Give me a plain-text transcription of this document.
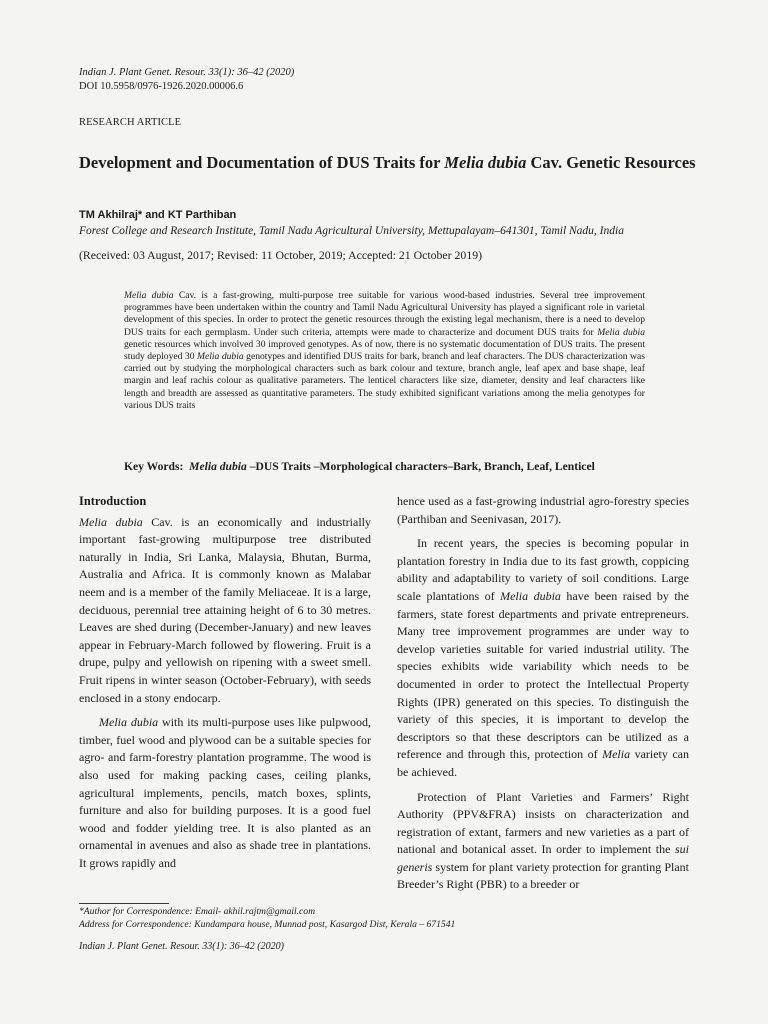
Indian J. Plant Genet. Resour. 33(1): 36–42 (2020)
DOI 10.5958/0976-1926.2020.00006.6
RESEARCH ARTICLE
Development and Documentation of DUS Traits for Melia dubia Cav. Genetic Resources
TM Akhilraj* and KT Parthiban
Forest College and Research Institute, Tamil Nadu Agricultural University, Mettupalayam–641301, Tamil Nadu, India
(Received: 03 August, 2017; Revised: 11 October, 2019; Accepted: 21 October 2019)
Melia dubia Cav. is a fast-growing, multi-purpose tree suitable for various wood-based industries. Several tree improvement programmes have been undertaken within the country and Tamil Nadu Agricultural University has played a significant role in varietal development of this species. In order to protect the genetic resources through the existing legal mechanism, there is a need to develop DUS traits for each germplasm. Under such criteria, attempts were made to characterize and document DUS traits for Melia dubia genetic resources which involved 30 improved genotypes. As of now, there is no systematic documentation of DUS traits. The present study deployed 30 Melia dubia genotypes and identified DUS traits for bark, branch and leaf characters. The DUS characterization was carried out by studying the morphological characters such as bark colour and texture, branch angle, leaf apex and base shape, leaf margin and leaf rachis colour as qualitative parameters. The lenticel characters like size, diameter, density and leaf characters like length and breadth are assessed as quantitative parameters. The study exhibited significant variations among the melia genotypes for various DUS traits
Key Words: Melia dubia –DUS Traits –Morphological characters–Bark, Branch, Leaf, Lenticel

Introduction

Melia dubia Cav. is an economically and industrially important fast-growing multipurpose tree distributed naturally in India, Sri Lanka, Malaysia, Bhutan, Burma, Australia and Africa. It is commonly known as Malabar neem and is a member of the family Meliaceae. It is a large, deciduous, perennial tree attaining height of 6 to 30 metres. Leaves are shed during (December-January) and new leaves appear in February-March followed by flowering. Fruit is a drupe, pulpy and yellowish on ripening with a sweet smell. Fruit ripens in winter season (October-February), with seeds enclosed in a stony endocarp.

Melia dubia with its multi-purpose uses like pulpwood, timber, fuel wood and plywood can be a suitable species for agro- and farm-forestry plantation programme. The wood is also used for making packing cases, ceiling planks, agricultural implements, pencils, match boxes, splints, furniture and also for building purposes. It is a good fuel wood and fodder yielding tree. It is also planted as an ornamental in avenues and also as shade tree in plantations. It grows rapidly and

hence used as a fast-growing industrial agro-forestry species (Parthiban and Seenivasan, 2017).

In recent years, the species is becoming popular in plantation forestry in India due to its fast growth, coppicing ability and adaptability to variety of soil conditions. Large scale plantations of Melia dubia have been raised by the farmers, state forest departments and private entrepreneurs. Many tree improvement programmes are under way to develop varieties suitable for varied industrial utility. The species exhibits wide variability which needs to be documented in order to protect the Intellectual Property Rights (IPR) generated on this species. To distinguish the variety of this species, it is important to develop the descriptors so that these descriptors can be utilized as a reference and through this, protection of Melia variety can be achieved.

Protection of Plant Varieties and Farmers’ Right Authority (PPV&FRA) insists on characterization and registration of extant, farmers and new varieties as a part of national and botanical asset. In order to implement the sui generis system for plant variety protection for granting Plant Breeder’s Right (PBR) to a breeder or

*Author for Correspondence: Email- akhil.rajtm@gmail.com
Address for Correspondence: Kundampara house, Munnad post, Kasargod Dist, Kerala – 671541
Indian J. Plant Genet. Resour. 33(1): 36–42 (2020)
